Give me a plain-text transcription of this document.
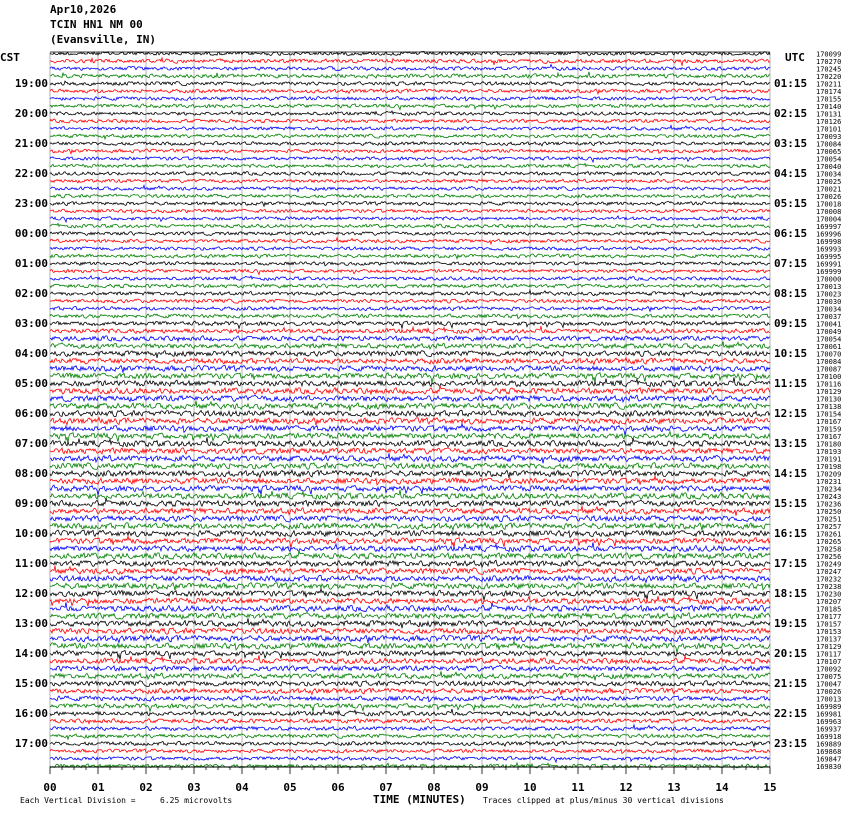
Apr10,2026
TCIN HN1 NM 00
(Evansville, IN)
CST	UTC
TIME (MINUTES)
19:00
20:00
21:00
22:00
23:00
00:00
01:00
02:00
03:00
04:00
05:00
06:00
07:00
08:00
09:00
10:00
11:00
12:00
13:00
14:00
15:00
16:00
17:00
01:15
02:15
03:15
04:15
05:15
06:15
07:15
08:15
09:15
10:15
11:15
12:15
13:15
14:15
15:15
16:15
17:15
18:15
19:15
20:15
21:15
22:15
23:15
170099
170270
170245
170220
170211
170174
170155
170140
170131
170126
170101
170093
170084
170065
170054
170040
170034
170025
170021
170026
170018
170008
170004
169997
169996
169998
169993
169995
169991
169999
170000
170013
170023
170030
170034
170037
170041
170049
170054
170061
170070
170084
170087
170100
170116
170129
170130
170138
170154
170167
170159
170167
170180
170193
170191
170198
170209
170231
170234
170243
170236
170250
170251
170257
170261
170265
170258
170256
170249
170247
170232
170238
170230
170207
170185
170177
170157
170153
170137
170129
170117
170107
170092
170075
170047
170026
170013
169989
169981
169963
169937
169918
169889
169868
169847
169830
00	01	02	03	04	05	06	07	08	09	10	11	12	13	14	15
Each Vertical Division =	6.25 microvolts	Traces clipped at plus/minus 30 vertical divisions
